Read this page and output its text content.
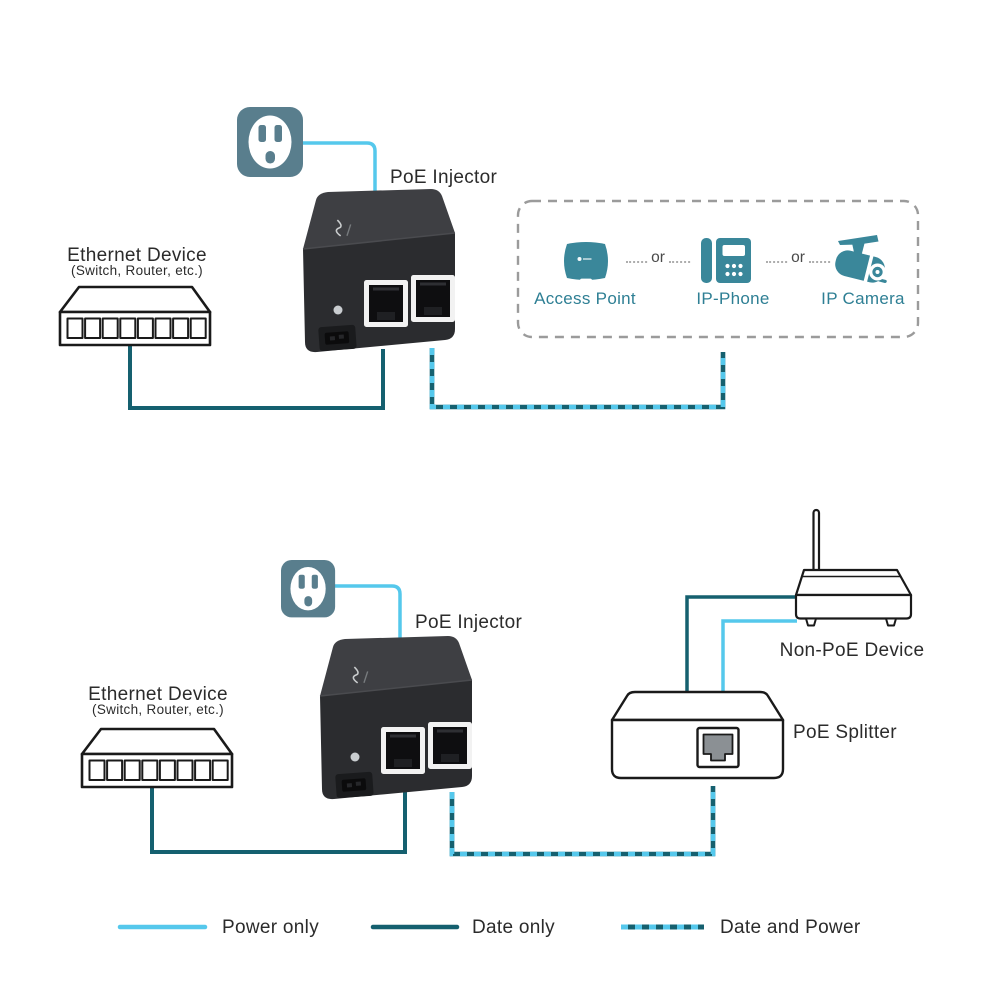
PoE Injector
Ethernet Device
(Switch, Router, etc.)
Access Point	IP-Phone	IP Camera
or	or
PoE Injector
Ethernet Device
(Switch, Router, etc.)
Non-PoE Device
PoE Splitter
Power only	Date only	Date and Power
